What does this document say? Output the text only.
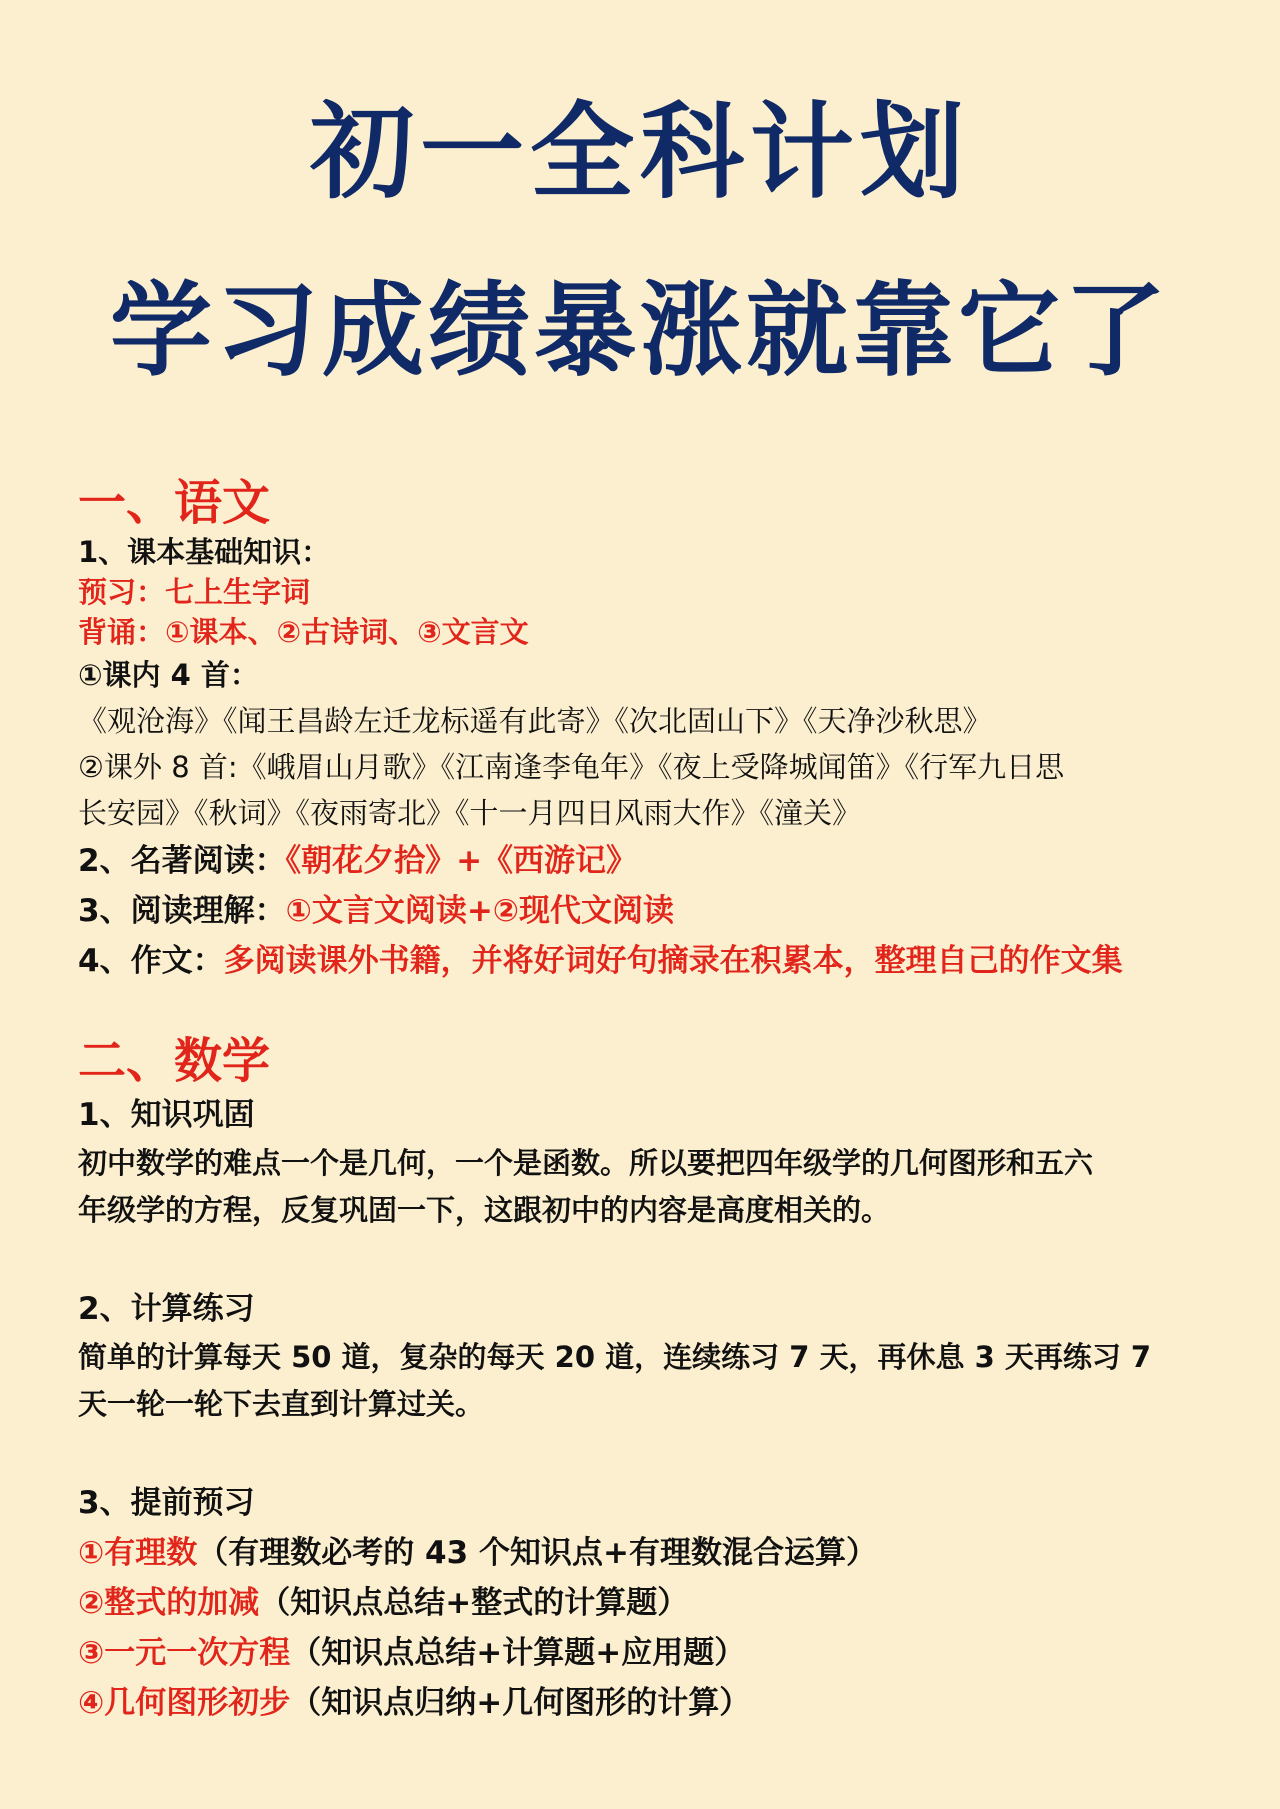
初一全科计划
学习成绩暴涨就靠它了
一、语文

1、课本基础知识：

预习：七上生字词

背诵：①课本、②古诗词、③文言文

①课内 4 首：

《观沧海》《闻王昌龄左迁龙标遥有此寄》《次北固山下》《天净沙秋思》

②课外 8 首:《峨眉山月歌》《江南逢李龟年》《夜上受降城闻笛》《行军九日思

长安园》《秋词》《夜雨寄北》《十一月四日风雨大作》《潼关》

2、名著阅读：《朝花夕拾》+《西游记》

3、阅读理解：①文言文阅读+②现代文阅读

4、作文：多阅读课外书籍，并将好词好句摘录在积累本，整理自己的作文集

二、数学

1、知识巩固

初中数学的难点一个是几何，一个是函数。所以要把四年级学的几何图形和五六

年级学的方程，反复巩固一下，这跟初中的内容是高度相关的。

2、计算练习

简单的计算每天 50 道，复杂的每天 20 道，连续练习 7 天，再休息 3 天再练习 7

天一轮一轮下去直到计算过关。

3、提前预习

①有理数（有理数必考的 43 个知识点+有理数混合运算）

②整式的加减（知识点总结+整式的计算题）

③一元一次方程（知识点总结+计算题+应用题）

④几何图形初步（知识点归纳+几何图形的计算）
